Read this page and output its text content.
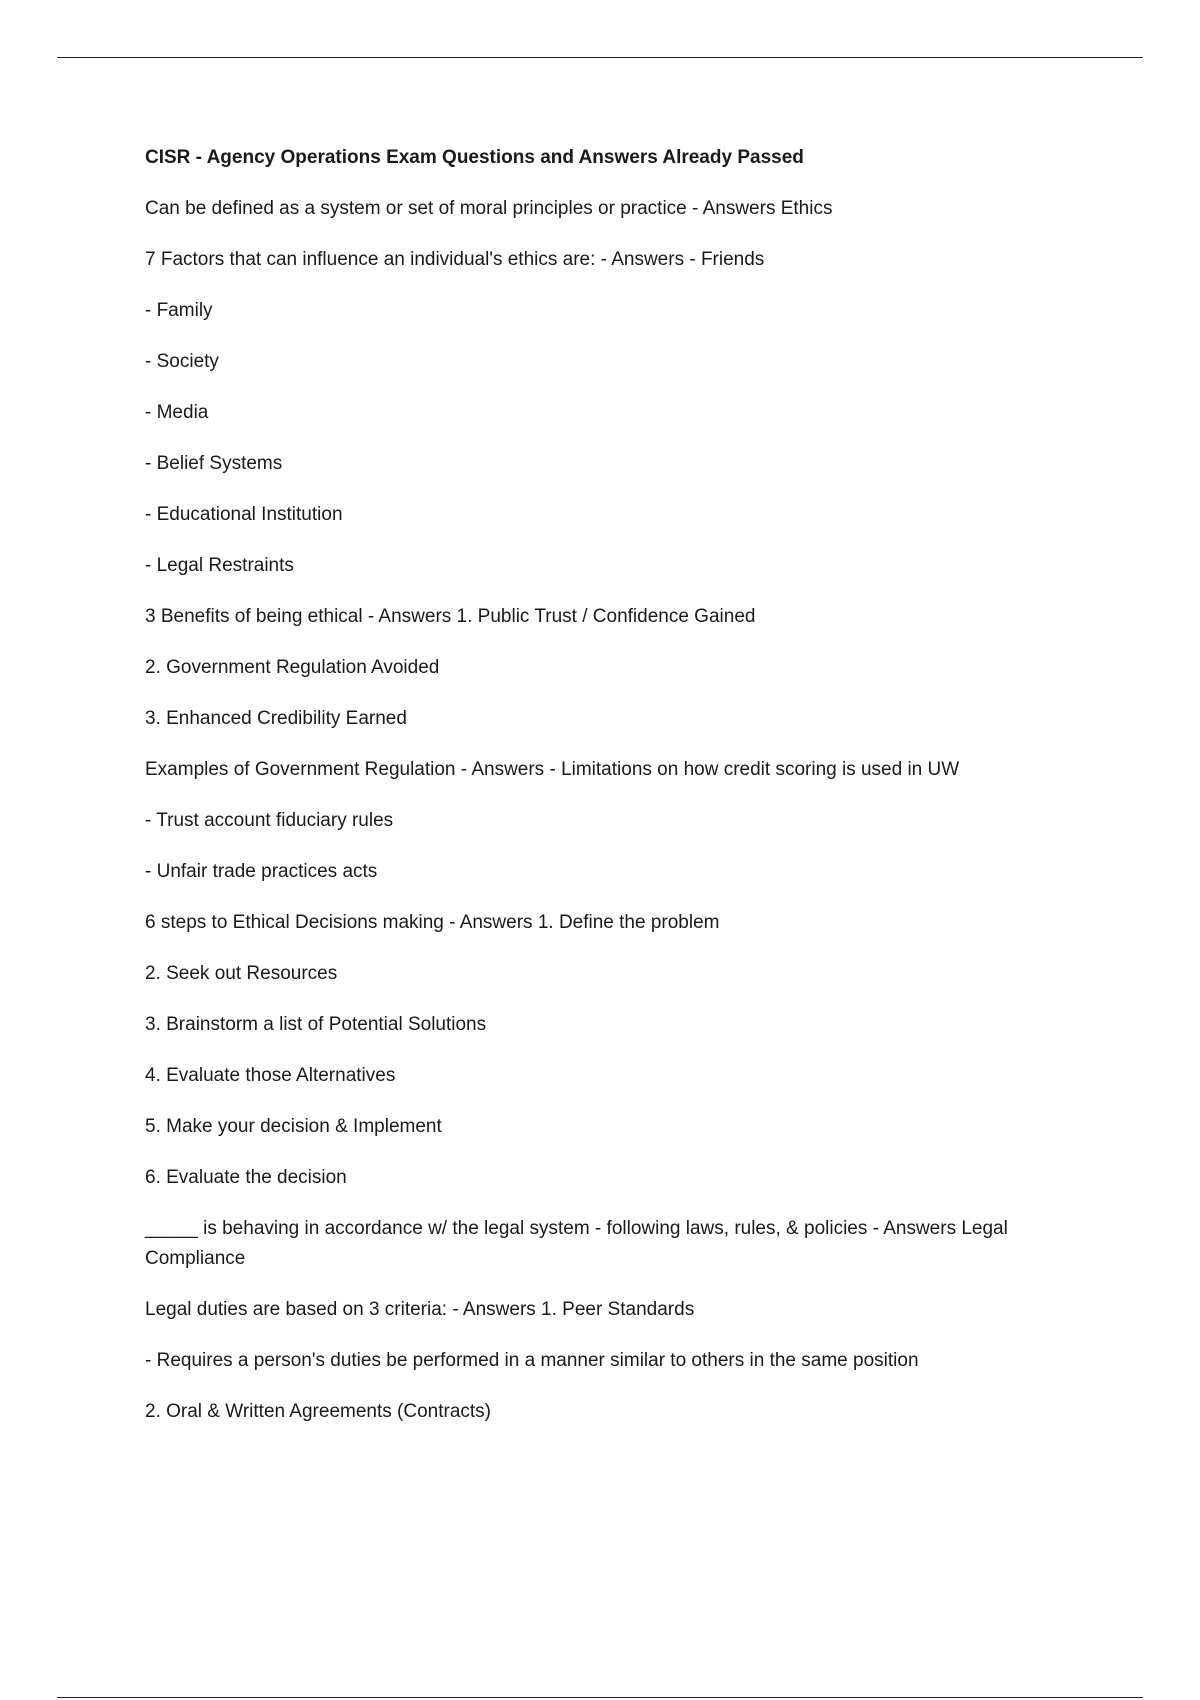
CISR - Agency Operations Exam Questions and Answers Already Passed

Can be defined as a system or set of moral principles or practice - Answers Ethics

7 Factors that can influence an individual's ethics are: - Answers - Friends

- Family

- Society

- Media

- Belief Systems

- Educational Institution

- Legal Restraints

3 Benefits of being ethical - Answers 1. Public Trust / Confidence Gained

2. Government Regulation Avoided

3. Enhanced Credibility Earned

Examples of Government Regulation - Answers - Limitations on how credit scoring is used in UW

- Trust account fiduciary rules

- Unfair trade practices acts

6 steps to Ethical Decisions making - Answers 1. Define the problem

2. Seek out Resources

3. Brainstorm a list of Potential Solutions

4. Evaluate those Alternatives

5. Make your decision & Implement

6. Evaluate the decision

_____ is behaving in accordance w/ the legal system - following laws, rules, & policies - Answers Legal Compliance

Legal duties are based on 3 criteria: - Answers 1. Peer Standards

- Requires a person's duties be performed in a manner similar to others in the same position

2. Oral & Written Agreements (Contracts)
